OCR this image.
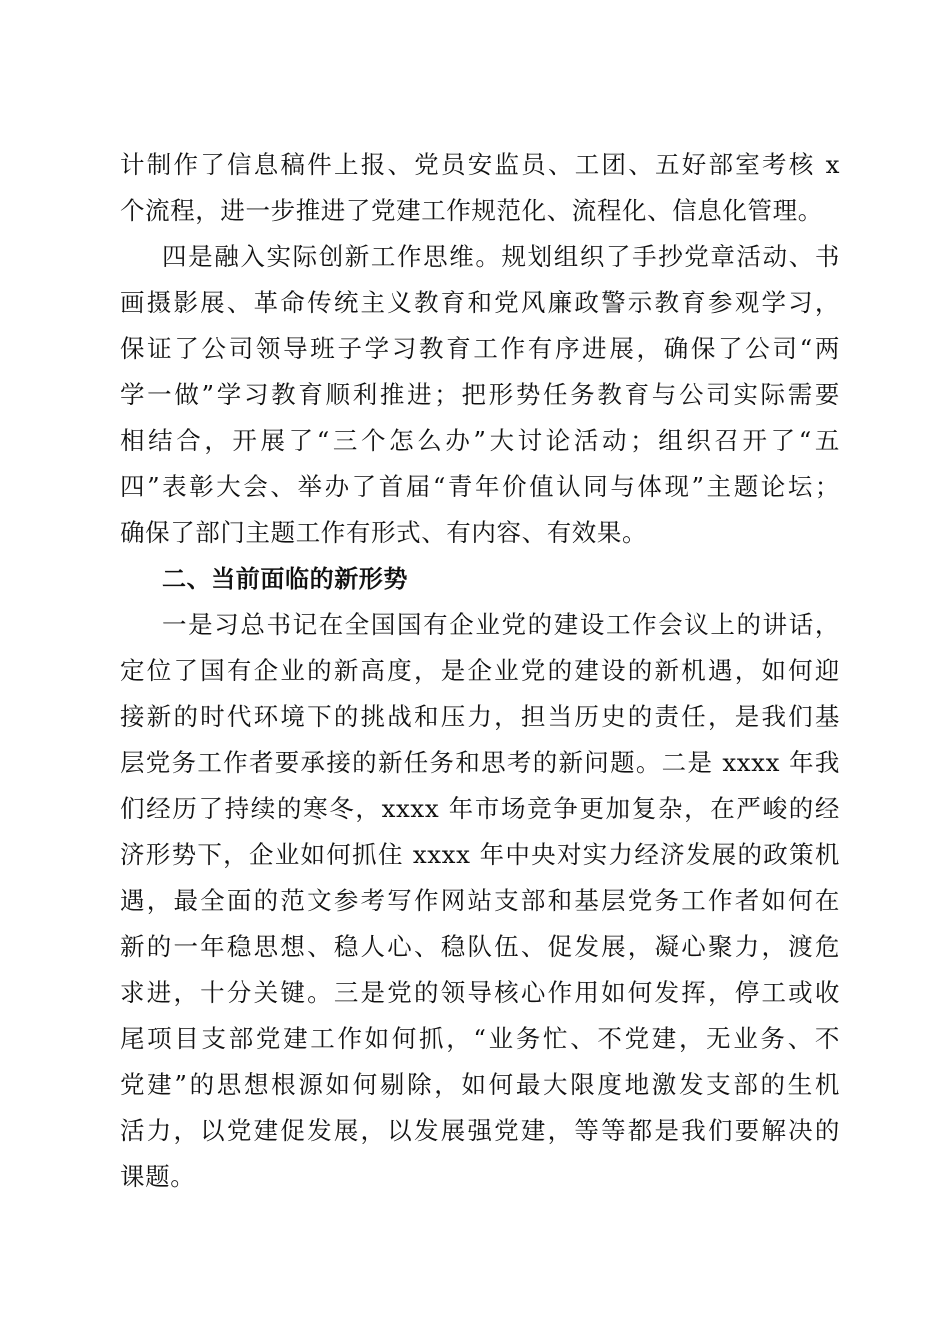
计制作了信息稿件上报、党员安监员、工团、五好部室考核 x
个流程，进一步推进了党建工作规范化、流程化、信息化管理。
四是融入实际创新工作思维。规划组织了手抄党章活动、书
画摄影展、革命传统主义教育和党风廉政警示教育参观学习，
保证了公司领导班子学习教育工作有序进展，确保了公司“两
学一做”学习教育顺利推进；把形势任务教育与公司实际需要
相结合，开展了“三个怎么办”大讨论活动；组织召开了“五
四”表彰大会、举办了首届“青年价值认同与体现”主题论坛；
确保了部门主题工作有形式、有内容、有效果。
二、当前面临的新形势
一是习总书记在全国国有企业党的建设工作会议上的讲话，
定位了国有企业的新高度，是企业党的建设的新机遇，如何迎
接新的时代环境下的挑战和压力，担当历史的责任，是我们基
层党务工作者要承接的新任务和思考的新问题。二是 xxxx 年我
们经历了持续的寒冬，xxxx 年市场竞争更加复杂，在严峻的经
济形势下，企业如何抓住 xxxx 年中央对实力经济发展的政策机
遇，最全面的范文参考写作网站支部和基层党务工作者如何在
新的一年稳思想、稳人心、稳队伍、促发展，凝心聚力，渡危
求进，十分关键。三是党的领导核心作用如何发挥，停工或收
尾项目支部党建工作如何抓，“业务忙、不党建，无业务、不
党建”的思想根源如何剔除，如何最大限度地激发支部的生机
活力，以党建促发展，以发展强党建，等等都是我们要解决的
课题。
